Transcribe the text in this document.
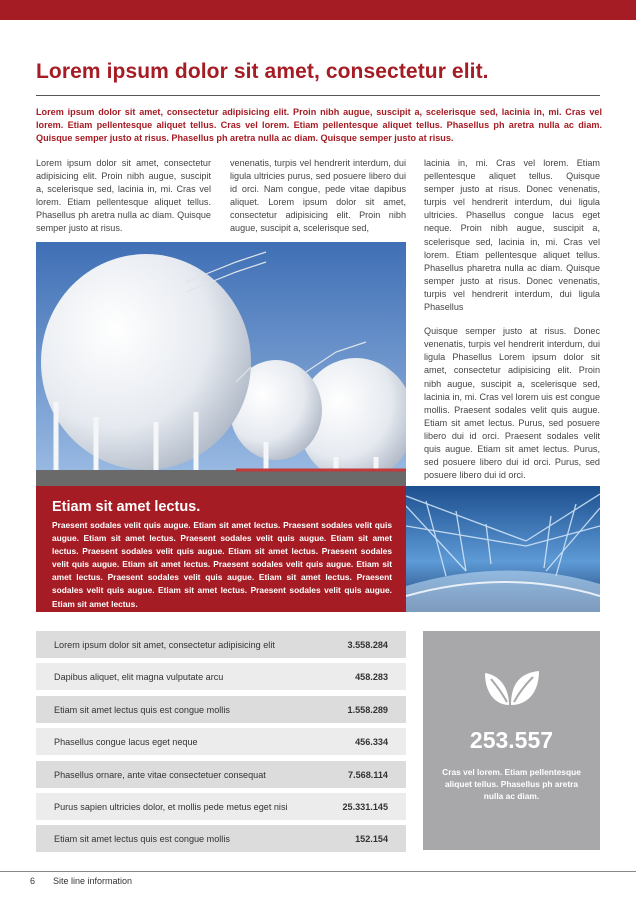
Lorem ipsum dolor sit amet, consectetur elit.

Lorem ipsum dolor sit amet, consectetur adipisicing elit. Proin nibh augue, suscipit a, scelerisque sed, lacinia in, mi. Cras vel lorem. Etiam pellentesque aliquet tellus. Cras vel lorem. Etiam pellentesque aliquet tellus. Phasellus ph aretra nulla ac diam. Quisque semper justo at risus. Phasellus ph aretra nulla ac diam. Quisque semper justo at risus.

Lorem ipsum dolor sit amet, consectetur adipisicing elit. Proin nibh augue, suscipit a, scelerisque sed, lacinia in, mi. Cras vel lorem. Etiam pellentesque aliquet tellus. Phasellus ph aretra nulla ac diam. Quisque semper justo at risus.

venenatis, turpis vel hendrerit interdum, dui ligula ultricies purus, sed posuere libero dui id orci. Nam congue, pede vitae dapibus aliquet. Lorem ipsum dolor sit amet, consectetur adipisicing elit. Proin nibh augue, suscipit a, scelerisque sed,

lacinia in, mi. Cras vel lorem. Etiam pellentesque aliquet tellus. Quisque semper justo at risus. Donec venenatis, turpis vel hendrerit interdum, dui ligula ultricies. Phasellus congue lacus eget neque. Proin nibh augue, suscipit a, scelerisque sed, lacinia in, mi. Cras vel lorem. Etiam pellentesque aliquet tellus. Phasellus pharetra nulla ac diam. Quisque semper justo at risus. Donec venenatis, turpis vel hendrerit interdum, dui ligula Phasellus

Quisque semper justo at risus. Donec venenatis, turpis vel hendrerit interdum, dui ligula Phasellus Lorem ipsum dolor sit amet, consectetur adipisicing elit. Proin nibh augue, suscipit a, scelerisque sed, lacinia in, mi. Cras vel lorem uis est congue mollis. Praesent sodales velit quis augue. Etiam sit amet lectus. Purus, sed posuere libero dui id orci. Praesent sodales velit quis augue. Etiam sit amet lectus. Purus, sed posuere libero dui id orci. Purus, sed posuere libero dui id orci.

Etiam sit amet lectus.

Praesent sodales velit quis augue. Etiam sit amet lectus. Praesent sodales velit quis augue. Etiam sit amet lectus. Praesent sodales velit quis augue. Etiam sit amet lectus. Praesent sodales velit quis augue. Etiam sit amet lectus. Praesent sodales velit quis augue. Etiam sit amet lectus. Praesent sodales velit quis augue. Etiam sit amet lectus. Praesent sodales velit quis augue. Etiam sit amet lectus. Praesent sodales velit quis augue. Etiam sit amet lectus. Praesent sodales velit quis augue. Etiam sit amet lectus.

Lorem ipsum dolor sit amet, consectetur adipisicing elit	3.558.284
Dapibus aliquet, elit magna vulputate arcu	458.283
Etiam sit amet lectus quis est congue mollis	1.558.289
Phasellus congue lacus eget neque	456.334
Phasellus ornare, ante vitae consectetuer consequat	7.568.114
Purus sapien ultricies dolor, et mollis pede metus eget nisi	25.331.145
Etiam sit amet lectus quis est congue mollis	152.154
253.557
Cras vel lorem. Etiam pellentesque aliquet tellus. Phasellus ph aretra nulla ac diam.
6 Site line information
